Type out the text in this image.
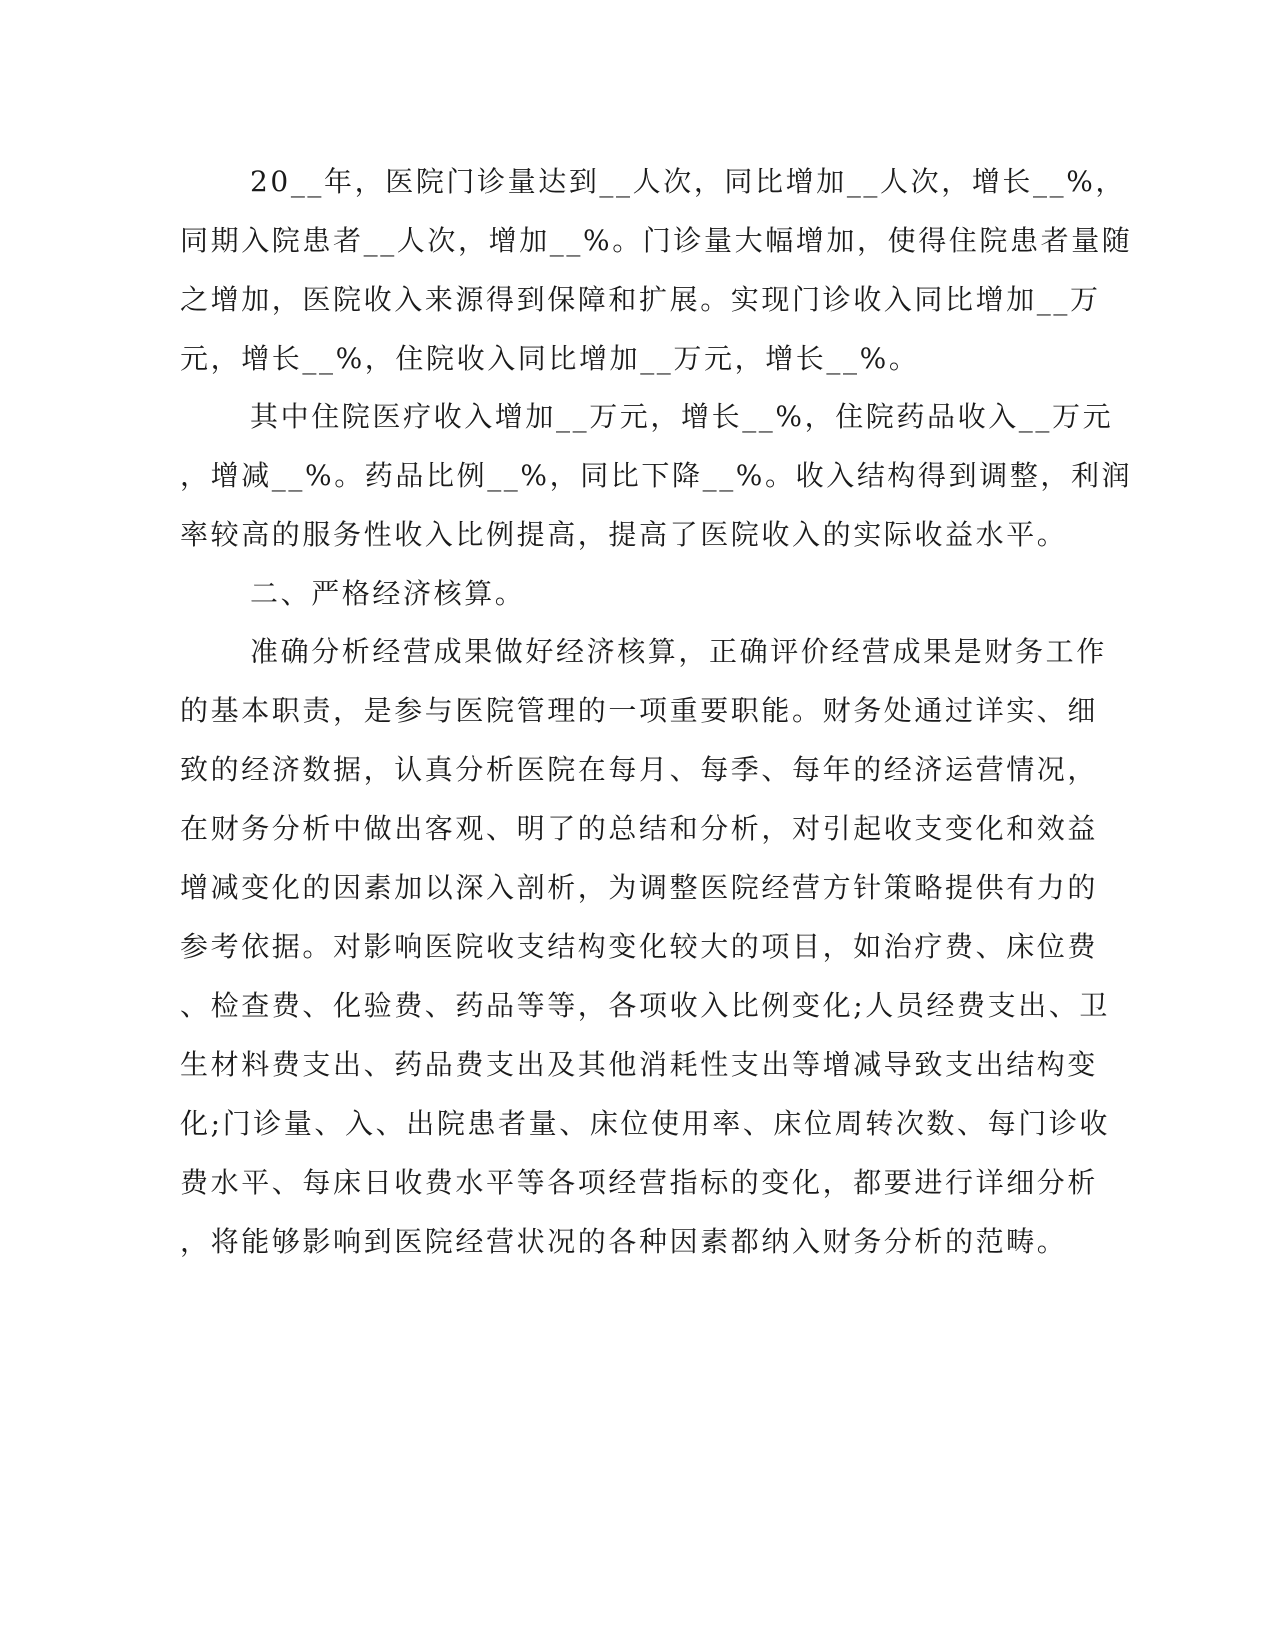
20__年，医院门诊量达到__人次，同比增加__人次，增长__%，
同期入院患者__人次，增加__%。门诊量大幅增加，使得住院患者量随
之增加，医院收入来源得到保障和扩展。实现门诊收入同比增加__万
元，增长__%，住院收入同比增加__万元，增长__%。
其中住院医疗收入增加__万元，增长__%，住院药品收入__万元
，增减__%。药品比例__%，同比下降__%。收入结构得到调整，利润
率较高的服务性收入比例提高，提高了医院收入的实际收益水平。
二、严格经济核算。
准确分析经营成果做好经济核算，正确评价经营成果是财务工作
的基本职责，是参与医院管理的一项重要职能。财务处通过详实、细
致的经济数据，认真分析医院在每月、每季、每年的经济运营情况，
在财务分析中做出客观、明了的总结和分析，对引起收支变化和效益
增减变化的因素加以深入剖析，为调整医院经营方针策略提供有力的
参考依据。对影响医院收支结构变化较大的项目，如治疗费、床位费
、检查费、化验费、药品等等，各项收入比例变化;人员经费支出、卫
生材料费支出、药品费支出及其他消耗性支出等增减导致支出结构变
化;门诊量、入、出院患者量、床位使用率、床位周转次数、每门诊收
费水平、每床日收费水平等各项经营指标的变化，都要进行详细分析
，将能够影响到医院经营状况的各种因素都纳入财务分析的范畴。
